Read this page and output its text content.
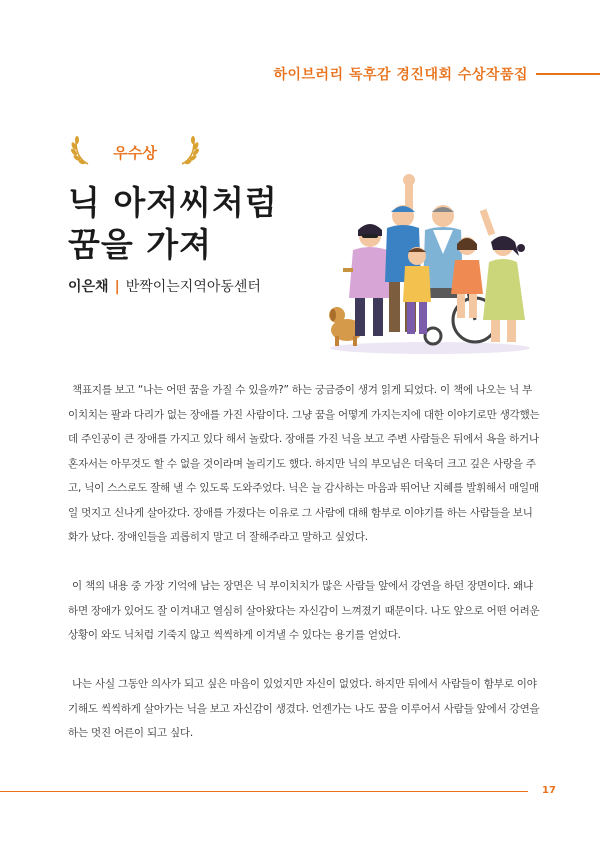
하이브러리 독후감 경진대회 수상작품집
우수상
닉 아저씨처럼
꿈을 가져
이은채 | 반짝이는지역아동센터

책표지를 보고 “나는 어떤 꿈을 가질 수 있을까?” 하는 궁금증이 생겨 읽게 되었다. 이 책에 나오는 닉 부이치치는 팔과 다리가 없는 장애를 가진 사람이다. 그냥 꿈을 어떻게 가지는지에 대한 이야기로만 생각했는데 주인공이 큰 장애를 가지고 있다 해서 놀랐다. 장애를 가진 닉을 보고 주변 사람들은 뒤에서 욕을 하거나 혼자서는 아무것도 할 수 없을 것이라며 놀리기도 했다. 하지만 닉의 부모님은 더욱더 크고 깊은 사랑을 주고, 닉이 스스로도 잘해 낼 수 있도록 도와주었다. 닉은 늘 감사하는 마음과 뛰어난 지혜를 발휘해서 매일매일 멋지고 신나게 살아갔다. 장애를 가졌다는 이유로 그 사람에 대해 함부로 이야기를 하는 사람들을 보니 화가 났다. 장애인들을 괴롭히지 말고 더 잘해주라고 말하고 싶었다.

이 책의 내용 중 가장 기억에 남는 장면은 닉 부이치치가 많은 사람들 앞에서 강연을 하던 장면이다. 왜냐하면 장애가 있어도 잘 이겨내고 열심히 살아왔다는 자신감이 느껴졌기 때문이다. 나도 앞으로 어떤 어려운 상황이 와도 닉처럼 기죽지 않고 씩씩하게 이겨낼 수 있다는 용기를 얻었다.

나는 사실 그동안 의사가 되고 싶은 마음이 있었지만 자신이 없었다. 하지만 뒤에서 사람들이 함부로 이야기해도 씩씩하게 살아가는 닉을 보고 자신감이 생겼다. 언젠가는 나도 꿈을 이루어서 사람들 앞에서 강연을 하는 멋진 어른이 되고 싶다.

17
